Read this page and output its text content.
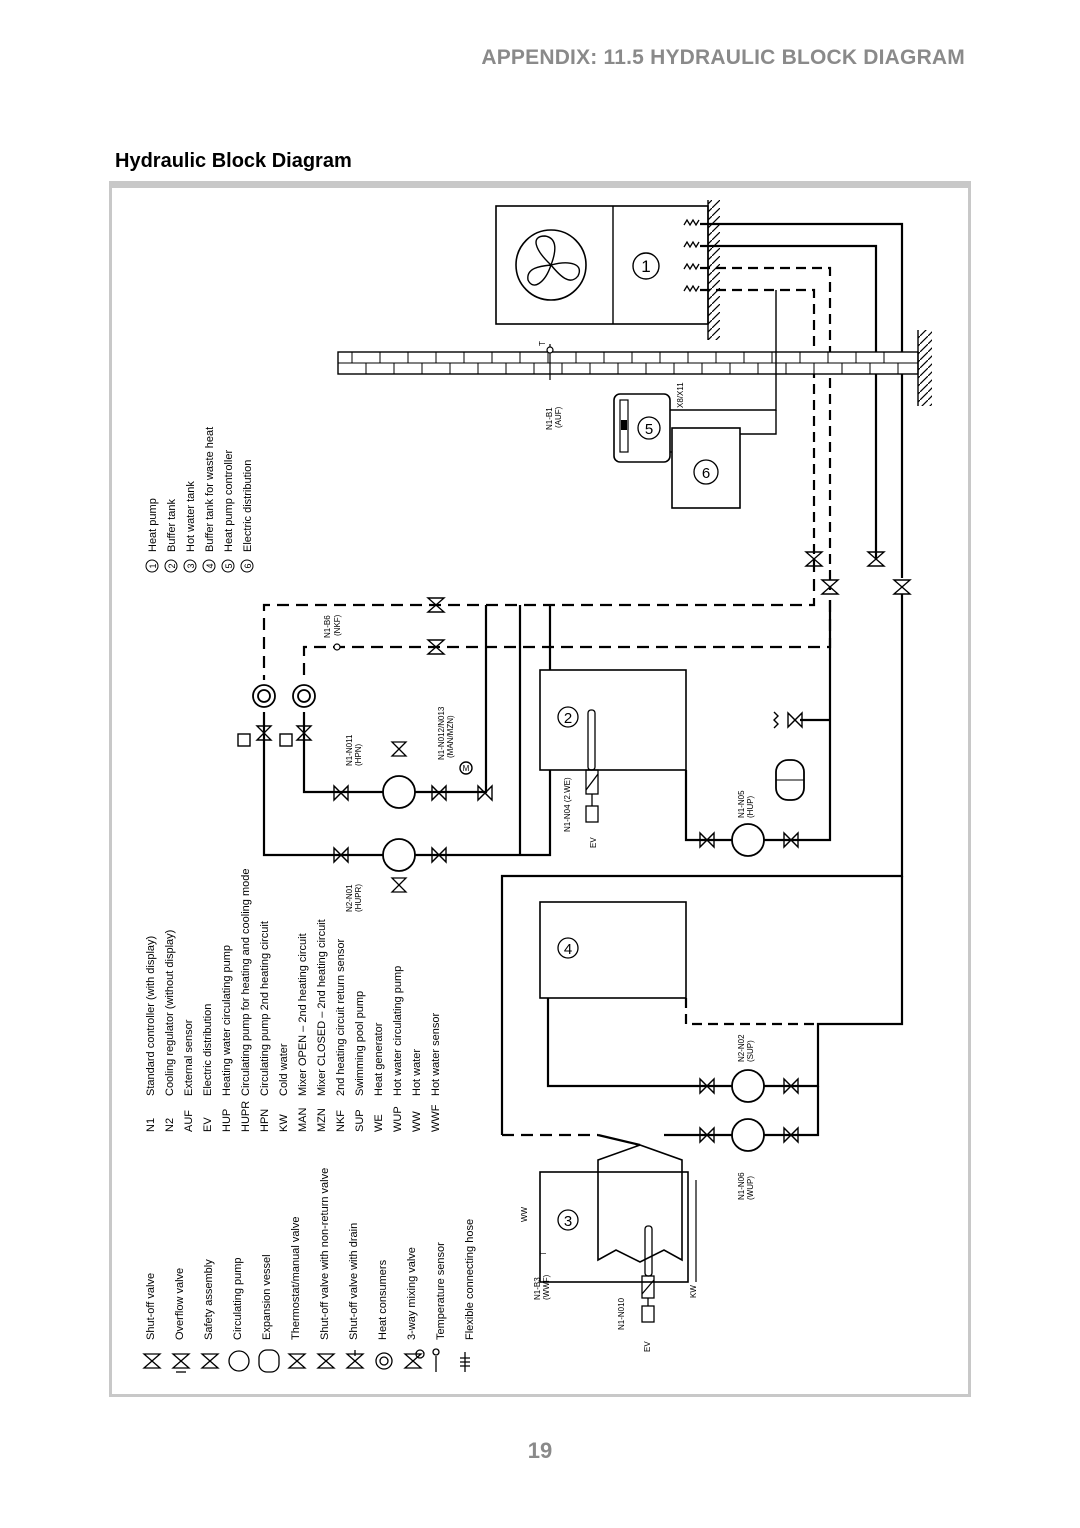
APPENDIX: 11.5 HYDRAULIC BLOCK DIAGRAM
Hydraulic Block Diagram
19
1
T
N1-B1 (AUF)
5
X8/X11
6
N1-B6 (NKF)
N1-N011 (HPN)
N2-N01 (HUPR)
M
N1-N012/N013 (MAN/MZN)	2
N1-N04 (2.WE)
EV
N1-N05 (HUP)
4
N2-N02 (SUP)
N1-N06 (WUP)
3
WW
KW
T
N1-B3 (WWF)
N1-N010
EV
1
Heat pump
2
Buffer tank
3
Hot water tank
4
Buffer tank for waste heat
5
Heat pump controller
6
Electric distribution
N1
Standard controller (with display)
N2
Cooling regulator (without display)
AUF
External sensor
EV
Electric distribution
HUP
Heating water circulating pump
HUPR
Circulating pump for heating and cooling mode
HPN
Circulating pump 2nd heating circuit
KW
Cold water
MAN
Mixer OPEN – 2nd heating circuit
MZN
Mixer CLOSED – 2nd heating circuit
NKF
2nd heating circuit return sensor
SUP
Swimming pool pump
WE
Heat generator
WUP
Hot water circulating pump
WW
Hot water
WWF
Hot water sensor
Shut-off valve Overflow valve Safety assembly Circulating pump Expansion vessel Thermostat/manual valve Shut-off valve with non-return valve Shut-off valve with drain Heat consumers 3-way mixing valve Temperature sensor Flexible connecting hose
